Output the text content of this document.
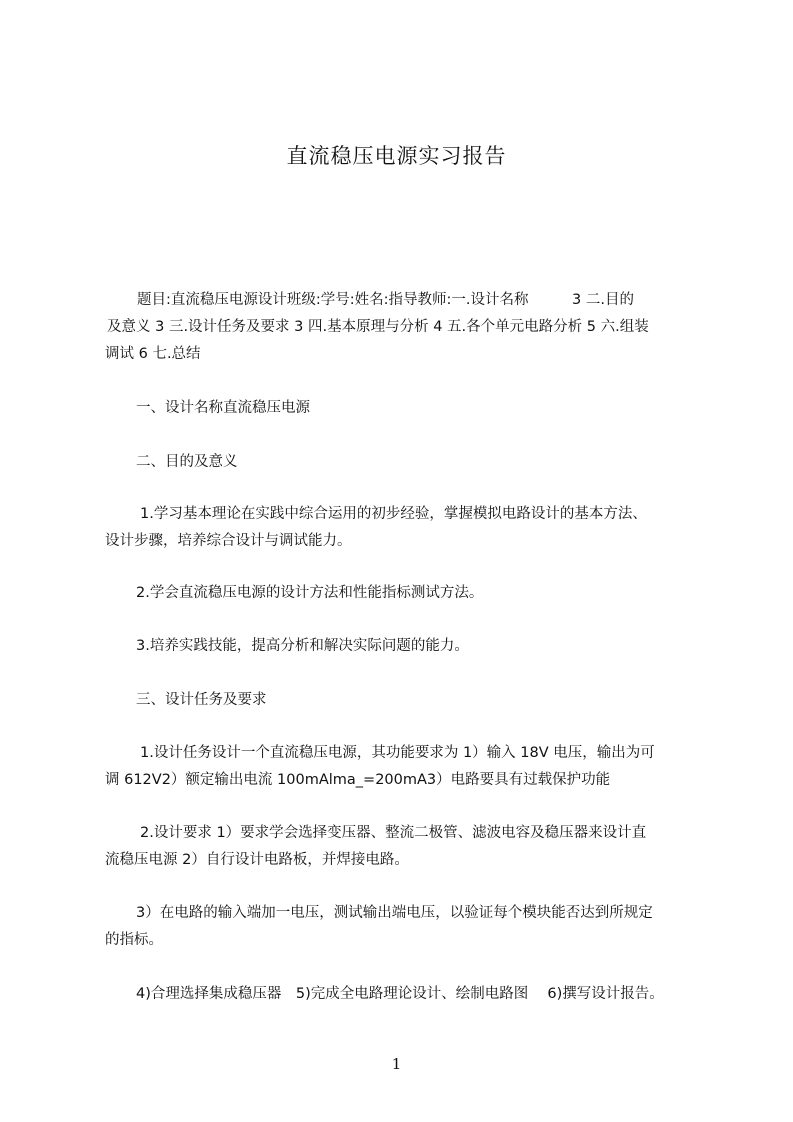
直流稳压电源实习报告
题目:直流稳压电源设计班级:学号:姓名:指导教师:一.设计名称　　　3 二.目的
及意义 3 三.设计任务及要求 3 四.基本原理与分析 4 五.各个单元电路分析 5 六.组装
调试 6 七.总结
一、设计名称直流稳压电源
二、目的及意义
1.学习基本理论在实践中综合运用的初步经验，掌握模拟电路设计的基本方法、
设计步骤，培养综合设计与调试能力。
2.学会直流稳压电源的设计方法和性能指标测试方法。
3.培养实践技能，提高分析和解决实际问题的能力。
三、设计任务及要求
1.设计任务设计一个直流稳压电源，其功能要求为 1）输入 18V 电压，输出为可
调 612V2）额定输出电流 100mAlma_=200mA3）电路要具有过载保护功能
2.设计要求 1）要求学会选择变压器、整流二极管、滤波电容及稳压器来设计直
流稳压电源 2）自行设计电路板，并焊接电路。
3）在电路的输入端加一电压，测试输出端电压，以验证每个模块能否达到所规定
的指标。
4)合理选择集成稳压器　5)完成全电路理论设计、绘制电路图　 6)撰写设计报告。
1
